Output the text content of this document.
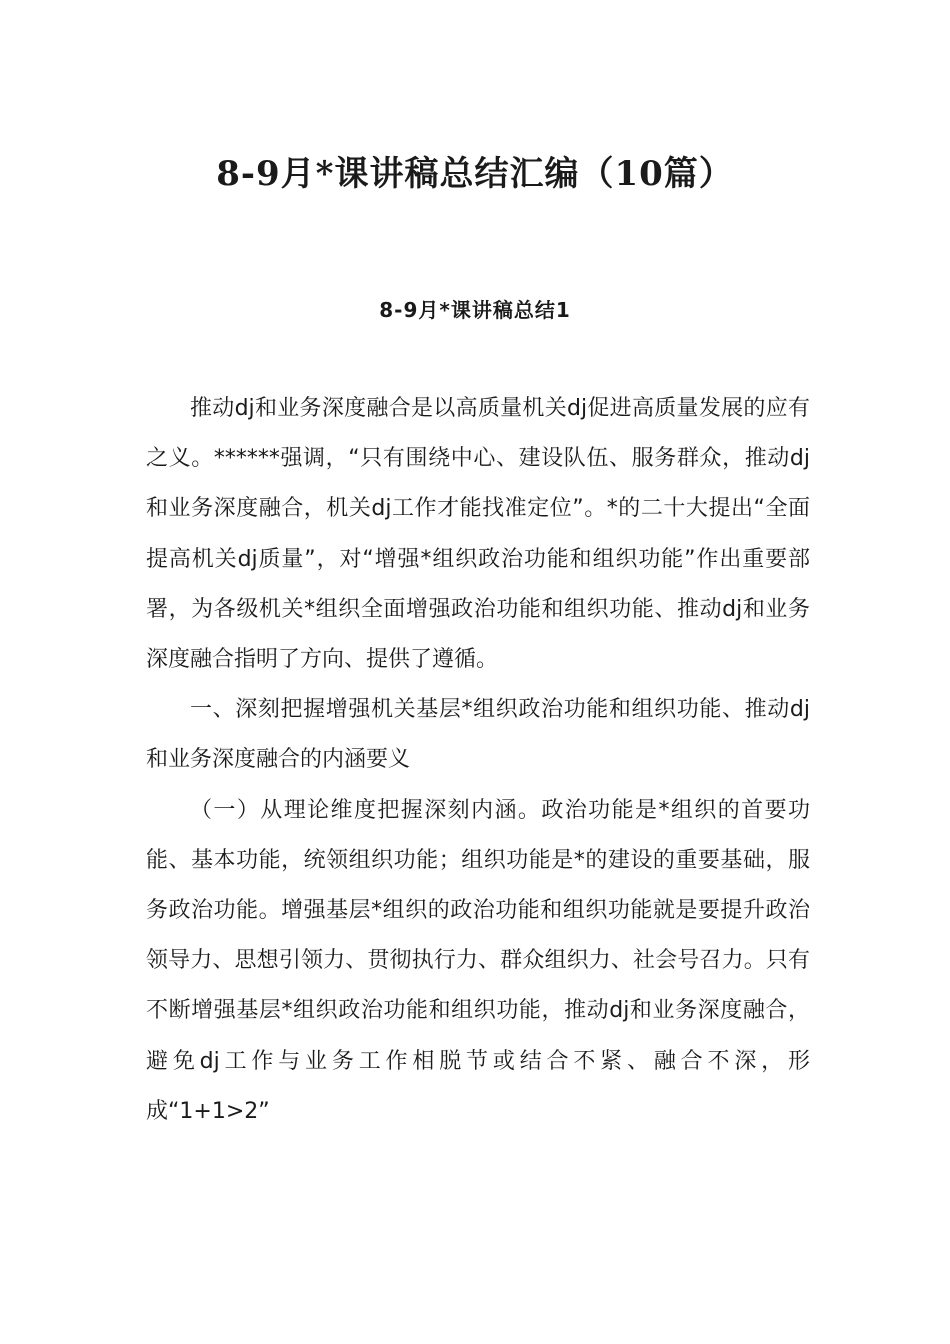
8-9月*课讲稿总结汇编（10篇）
8-9月*课讲稿总结1

推动dj和业务深度融合是以高质量机关dj促进高质量发展的应有之义。******强调，“只有围绕中心、建设队伍、服务群众，推动dj和业务深度融合，机关dj工作才能找准定位”。*的二十大提出“全面提高机关dj质量”，对“增强*组织政治功能和组织功能”作出重要部署，为各级机关*组织全面增强政治功能和组织功能、推动dj和业务深度融合指明了方向、提供了遵循。

一、深刻把握增强机关基层*组织政治功能和组织功能、推动dj和业务深度融合的内涵要义

（一）从理论维度把握深刻内涵。政治功能是*组织的首要功能、基本功能，统领组织功能；组织功能是*的建设的重要基础，服务政治功能。增强基层*组织的政治功能和组织功能就是要提升政治领导力、思想引领力、贯彻执行力、群众组织力、社会号召力。只有不断增强基层*组织政治功能和组织功能，推动dj和业务深度融合，避免dj工作与业务工作相脱节或结合不紧、融合不深，形成“1+1>2”
